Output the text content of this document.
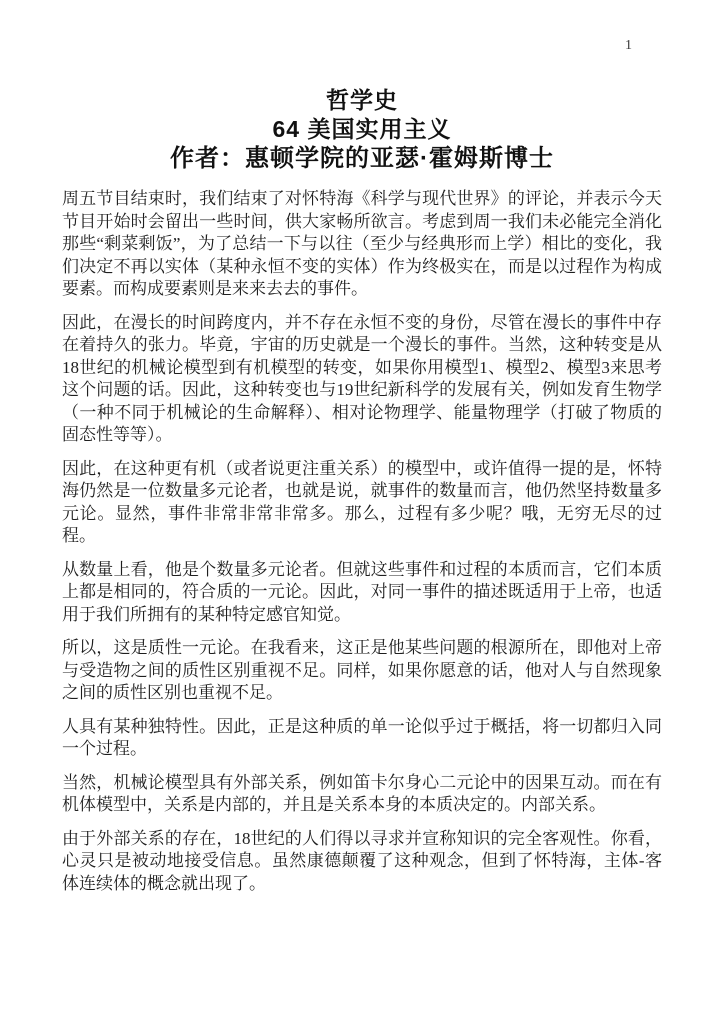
1
哲学史
64 美国实用主义
作者：惠顿学院的亚瑟·霍姆斯博士

周五节目结束时，我们结束了对怀特海《科学与现代世界》的评论，并表示今天节目开始时会留出一些时间，供大家畅所欲言。考虑到周一我们未必能完全消化那些“剩菜剩饭”，为了总结一下与以往（至少与经典形而上学）相比的变化，我们决定不再以实体（某种永恒不变的实体）作为终极实在，而是以过程作为构成要素。而构成要素则是来来去去的事件。

因此，在漫长的时间跨度内，并不存在永恒不变的身份，尽管在漫长的事件中存在着持久的张力。毕竟，宇宙的历史就是一个漫长的事件。当然，这种转变是从18世纪的机械论模型到有机模型的转变，如果你用模型1、模型2、模型3来思考这个问题的话。因此，这种转变也与19世纪新科学的发展有关，例如发育生物学（一种不同于机械论的生命解释）、相对论物理学、能量物理学（打破了物质的固态性等等）。

因此，在这种更有机（或者说更注重关系）的模型中，或许值得一提的是，怀特海仍然是一位数量多元论者，也就是说，就事件的数量而言，他仍然坚持数量多元论。显然，事件非常非常非常多。那么，过程有多少呢？哦，无穷无尽的过程。

从数量上看，他是个数量多元论者。但就这些事件和过程的本质而言，它们本质上都是相同的，符合质的一元论。因此，对同一事件的描述既适用于上帝，也适用于我们所拥有的某种特定感官知觉。

所以，这是质性一元论。在我看来，这正是他某些问题的根源所在，即他对上帝与受造物之间的质性区别重视不足。同样，如果你愿意的话，他对人与自然现象之间的质性区别也重视不足。

人具有某种独特性。因此，正是这种质的单一论似乎过于概括，将一切都归入同一个过程。

当然，机械论模型具有外部关系，例如笛卡尔身心二元论中的因果互动。而在有机体模型中，关系是内部的，并且是关系本身的本质决定的。内部关系。

由于外部关系的存在，18世纪的人们得以寻求并宣称知识的完全客观性。你看，心灵只是被动地接受信息。虽然康德颠覆了这种观念，但到了怀特海，主体-客体连续体的概念就出现了。
